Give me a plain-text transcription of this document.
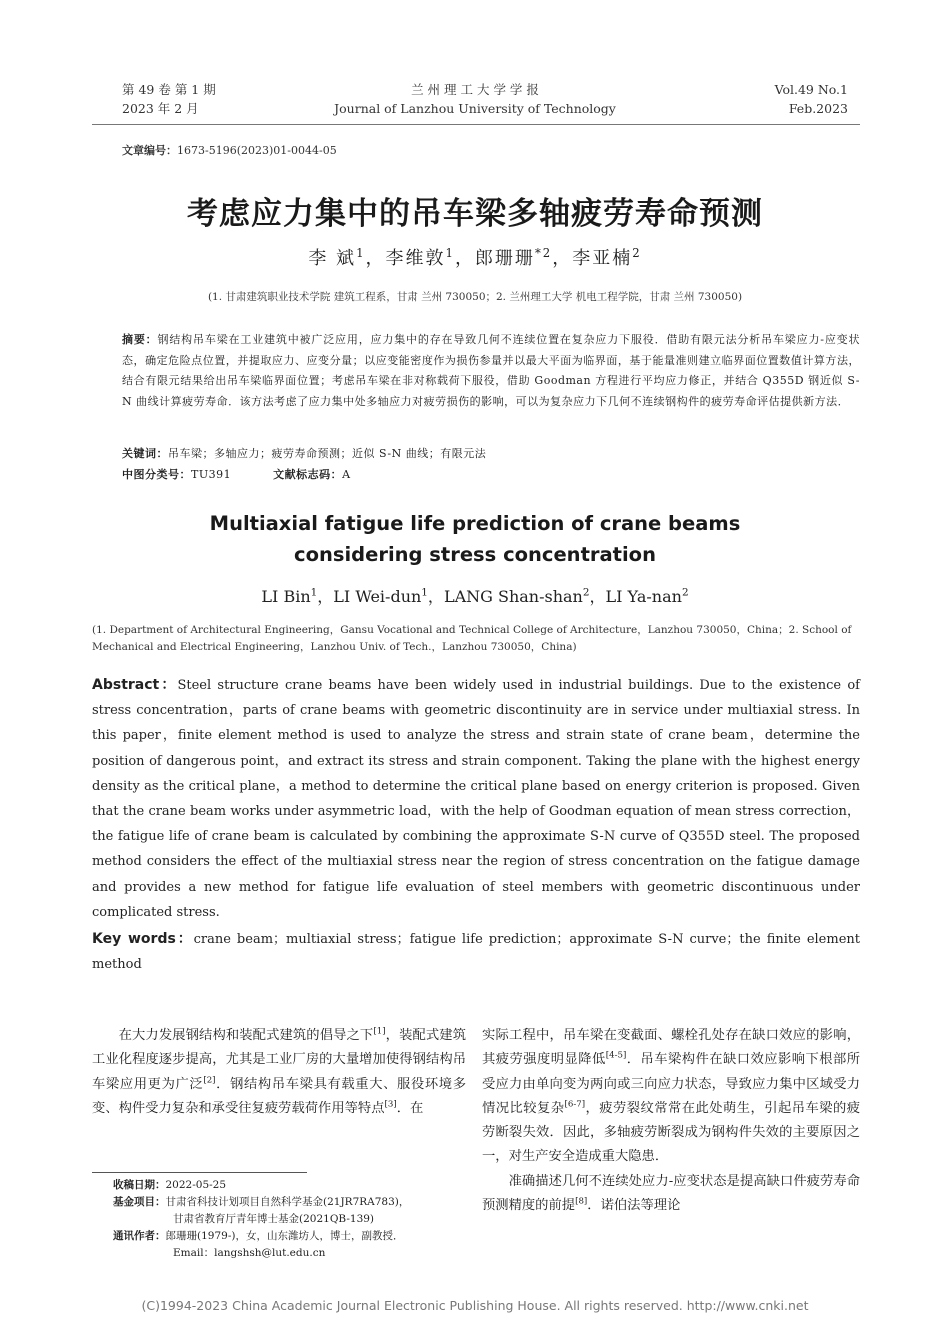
第 49 卷 第 1 期
2023 年 2 月
兰 州 理 工 大 学 学 报
Journal of Lanzhou University of Technology
Vol.49 No.1
Feb.2023
文章编号：1673-5196(2023)01-0044-05
考虑应力集中的吊车梁多轴疲劳寿命预测
李 斌$^1$，李维敦$^1$，郎珊珊$^{*2}$，李亚楠$^2$
(1. 甘肃建筑职业技术学院 建筑工程系，甘肃 兰州 730050；2. 兰州理工大学 机电工程学院，甘肃 兰州 730050)
摘要：钢结构吊车梁在工业建筑中被广泛应用，应力集中的存在导致几何不连续位置在复杂应力下服役．借助有限元法分析吊车梁应力-应变状态，确定危险点位置，并提取应力、应变分量；以应变能密度作为损伤参量并以最大平面为临界面，基于能量准则建立临界面位置数值计算方法，结合有限元结果给出吊车梁临界面位置；考虑吊车梁在非对称载荷下服役，借助 Goodman 方程进行平均应力修正，并结合 Q355D 钢近似 S-N 曲线计算疲劳寿命．该方法考虑了应力集中处多轴应力对疲劳损伤的影响，可以为复杂应力下几何不连续钢构件的疲劳寿命评估提供新方法．
关键词：吊车梁；多轴应力；疲劳寿命预测；近似 S-N 曲线；有限元法
中图分类号：TU391	文献标志码：A
Multiaxial fatigue life prediction of crane beams
considering stress concentration
LI Bin$^1$，LI Wei-dun$^1$，LANG Shan-shan$^2$，LI Ya-nan$^2$
(1. Department of Architectural Engineering，Gansu Vocational and Technical College of Architecture，Lanzhou 730050，China；2. School of Mechanical and Electrical Engineering，Lanzhou Univ. of Tech.，Lanzhou 730050，China)
Abstract：Steel structure crane beams have been widely used in industrial buildings. Due to the existence of stress concentration，parts of crane beams with geometric discontinuity are in service under multiaxial stress. In this paper，finite element method is used to analyze the stress and strain state of crane beam，determine the position of dangerous point，and extract its stress and strain component. Taking the plane with the highest energy density as the critical plane，a method to determine the critical plane based on energy criterion is proposed. Given that the crane beam works under asymmetric load，with the help of Goodman equation of mean stress correction，the fatigue life of crane beam is calculated by combining the approximate S-N curve of Q355D steel. The proposed method considers the effect of the multiaxial stress near the region of stress concentration on the fatigue damage and provides a new method for fatigue life evaluation of steel members with geometric discontinuous under complicated stress.
Key words：crane beam；multiaxial stress；fatigue life prediction；approximate S-N curve；the finite element method
在大力发展钢结构和装配式建筑的倡导之下[1]，装配式建筑工业化程度逐步提高，尤其是工业厂房的大量增加使得钢结构吊车梁应用更为广泛[2]．钢结构吊车梁具有载重大、服役环境多变、构件受力复杂和承受往复疲劳载荷作用等特点[3]．在
收稿日期：2022-05-25
基金项目：甘肃省科技计划项目自然科学基金(21JR7RA783)，
甘肃省教育厅青年博士基金(2021QB-139)
通讯作者：郎珊珊(1979-)，女，山东潍坊人，博士，副教授．
Email：langshsh@lut.edu.cn
实际工程中，吊车梁在变截面、螺栓孔处存在缺口效应的影响，其疲劳强度明显降低[4-5]．吊车梁构件在缺口效应影响下根部所受应力由单向变为两向或三向应力状态，导致应力集中区域受力情况比较复杂[6-7]，疲劳裂纹常常在此处萌生，引起吊车梁的疲劳断裂失效．因此，多轴疲劳断裂成为钢构件失效的主要原因之一，对生产安全造成重大隐患．
准确描述几何不连续处应力-应变状态是提高缺口件疲劳寿命预测精度的前提[8]．诺伯法等理论
(C)1994-2023 China Academic Journal Electronic Publishing House. All rights reserved. http://www.cnki.net
